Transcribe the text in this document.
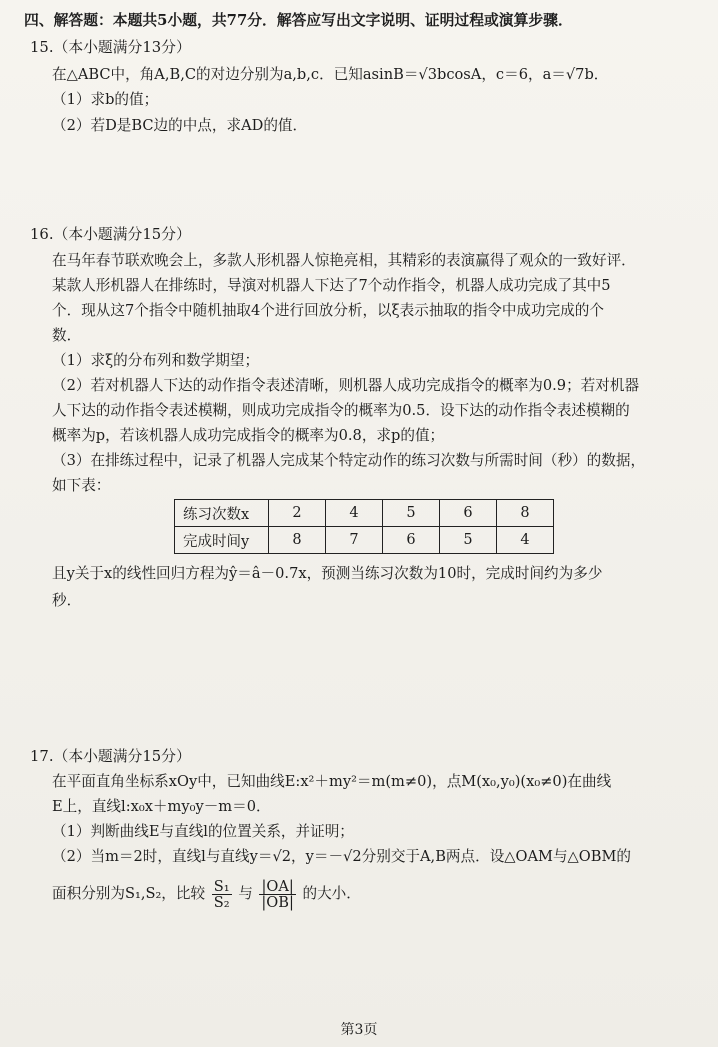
四、解答题：本题共5小题，共77分．解答应写出文字说明、证明过程或演算步骤．
15.（本小题满分13分）
在△ABC中，角A,B,C的对边分别为a,b,c．已知asinB＝√3bcosA，c＝6，a＝√7b．
（1）求b的值；
（2）若D是BC边的中点，求AD的值．
16.（本小题满分15分）
在马年春节联欢晚会上，多款人形机器人惊艳亮相，其精彩的表演赢得了观众的一致好评．
某款人形机器人在排练时，导演对机器人下达了7个动作指令，机器人成功完成了其中5
个．现从这7个指令中随机抽取4个进行回放分析，以ξ表示抽取的指令中成功完成的个
数．
（1）求ξ的分布列和数学期望；
（2）若对机器人下达的动作指令表述清晰，则机器人成功完成指令的概率为0.9；若对机器
人下达的动作指令表述模糊，则成功完成指令的概率为0.5．设下达的动作指令表述模糊的
概率为p，若该机器人成功完成指令的概率为0.8，求p的值；
（3）在排练过程中，记录了机器人完成某个特定动作的练习次数与所需时间（秒）的数据，
如下表：
练习次数x	2	4	5	6	8
完成时间y	8	7	6	5	4
且y关于x的线性回归方程为ŷ＝â－0.7x，预测当练习次数为10时，完成时间约为多少
秒．
17.（本小题满分15分）
在平面直角坐标系xOy中，已知曲线E:x²＋my²＝m(m≠0)，点M(x₀,y₀)(x₀≠0)在曲线
E上，直线l:x₀x＋my₀y－m＝0．
（1）判断曲线E与直线l的位置关系，并证明；
（2）当m＝2时，直线l与直线y＝√2，y＝－√2分别交于A,B两点．设△OAM与△OBM的
面积分别为S₁,S₂，比较 $\frac{\text{S₁}}{\text{S₂}}$ 与 $\frac{|OA|}{|OB|}$ 的大小．
第3页
